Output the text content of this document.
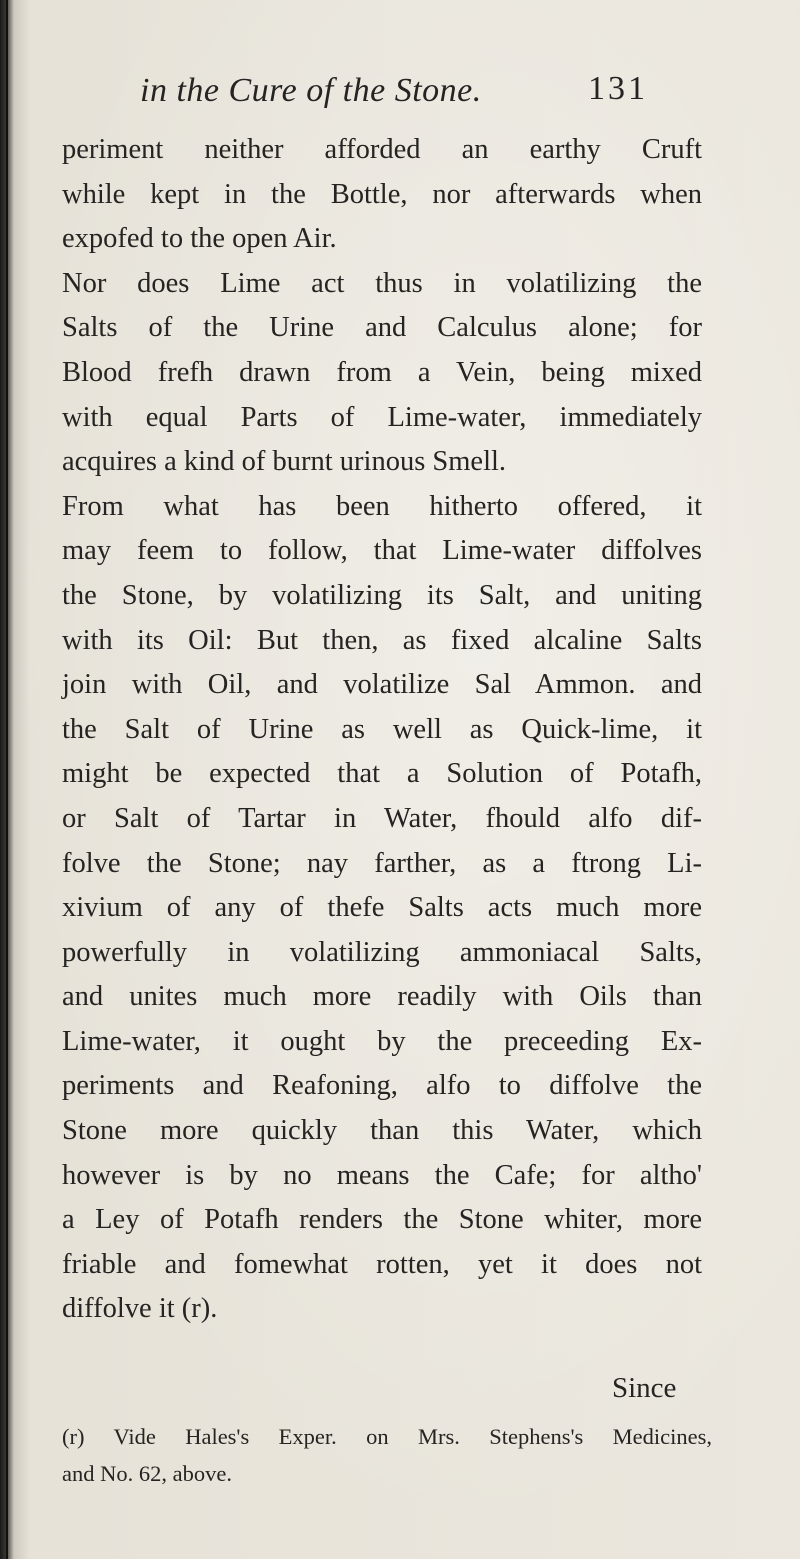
in the Cure of the Stone.	131
periment neither afforded an earthy Cruft
while kept in the Bottle, nor afterwards when
expofed to the open Air.
Nor does Lime act thus in volatilizing the
Salts of the Urine and Calculus alone; for
Blood frefh drawn from a Vein, being mixed
with equal Parts of Lime-water, immediately
acquires a kind of burnt urinous Smell.
From what has been hitherto offered, it
may feem to follow, that Lime-water diffolves
the Stone, by volatilizing its Salt, and uniting
with its Oil: But then, as fixed alcaline Salts
join with Oil, and volatilize Sal Ammon. and
the Salt of Urine as well as Quick-lime, it
might be expected that a Solution of Potafh,
or Salt of Tartar in Water, fhould alfo dif-
folve the Stone; nay farther, as a ftrong Li-
xivium of any of thefe Salts acts much more
powerfully in volatilizing ammoniacal Salts,
and unites much more readily with Oils than
Lime-water, it ought by the preceeding Ex-
periments and Reafoning, alfo to diffolve the
Stone more quickly than this Water, which
however is by no means the Cafe; for altho'
a Ley of Potafh renders the Stone whiter, more
friable and fomewhat rotten, yet it does not
diffolve it (r).
Since
(r) Vide Hales's Exper. on Mrs. Stephens's Medicines,
and No. 62, above.
